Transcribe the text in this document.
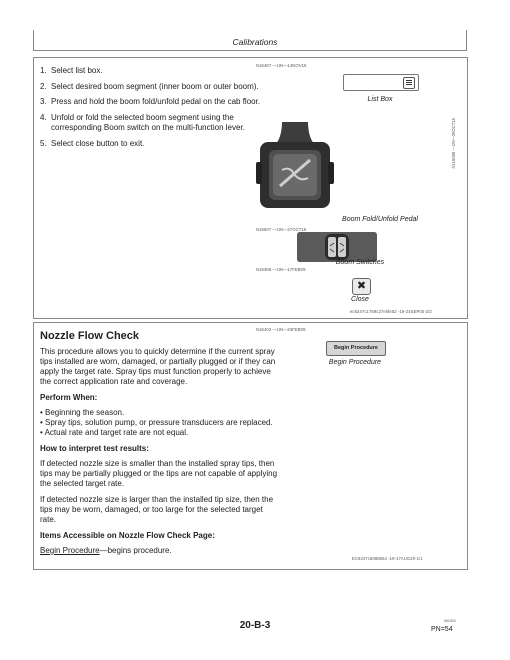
Calibrations
1. Select list box.
2. Select desired boom segment (inner boom or outer boom).
3. Press and hold the boom fold/unfold pedal on the cab floor.
4. Unfold or fold the selected boom segment using the corresponding Boom switch on the multi-function lever.
5. Select close button to exit.
N16467 —UN—14NOV16
List Box
N115089 —UN—29OCT15
Boom Fold/Unfold Pedal
N16507 —UN—27OCT16
Boom Switches
N16368 —UN—17FEB09
✖
Close
ec6247c1759c27e5fe52 -19-24SEP05-2/2
Nozzle Flow Check
N16402 —UN—23FEB09
Begin Procedure
Begin Procedure

This procedure allows you to quickly determine if the current spray tips installed are worn, damaged, or partially plugged or if they can apply the target rate. Spray tips must function properly to achieve the correct application rate and coverage.

Perform When:

• Beginning the season.
• Spray tips, solution pump, or pressure transducers are replaced.
• Actual rate and target rate are not equal.

How to interpret test results:

If detected nozzle size is smaller than the installed spray tips, then tips may be partially plugged or the tips are not capable of applying the selected target rate.

If detected nozzle size is larger than the installed tip size, then the tips may be worn, damaged, or too large for the selected target rate.

Items Accessible on Nozzle Flow Check Page:

Begin Procedure—begins procedure.

EC6247c6088654 -19-17AUG20-1/1
061920
20-B-3	PN=54
